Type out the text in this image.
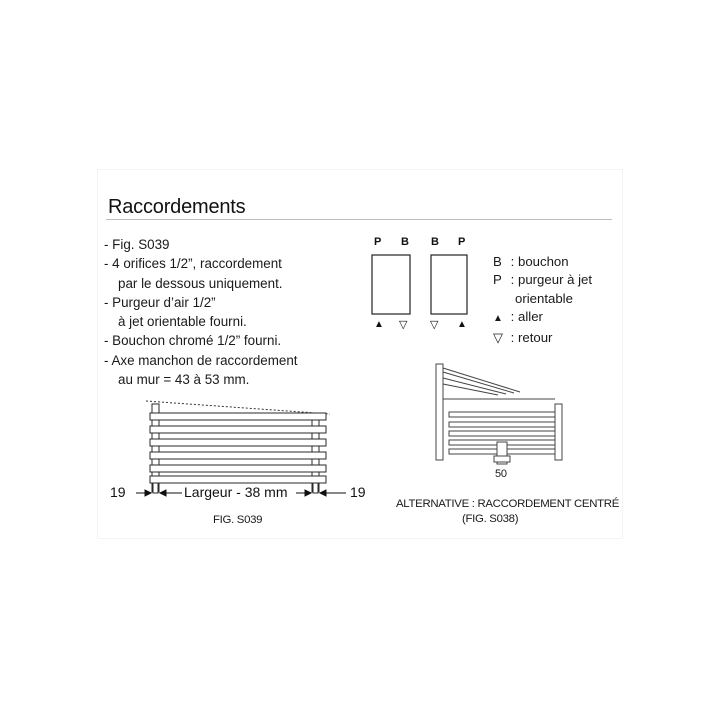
Raccordements
- Fig. S039
- 4 orifices 1/2”, raccordement
par le dessous uniquement.
- Purgeur d’air 1/2”
à jet orientable fourni.
- Bouchon chromé 1/2” fourni.
- Axe manchon de raccordement
au mur = 43 à 53 mm.
P B B P
▲ ▽ ▽ ▲
B : bouchon
P : purgeur à jet
orientable
▲ : aller
▽ : retour
19	Largeur - 38 mm	19
FIG. S039
50
ALTERNATIVE : RACCORDEMENT CENTRÉ
(FIG. S038)
